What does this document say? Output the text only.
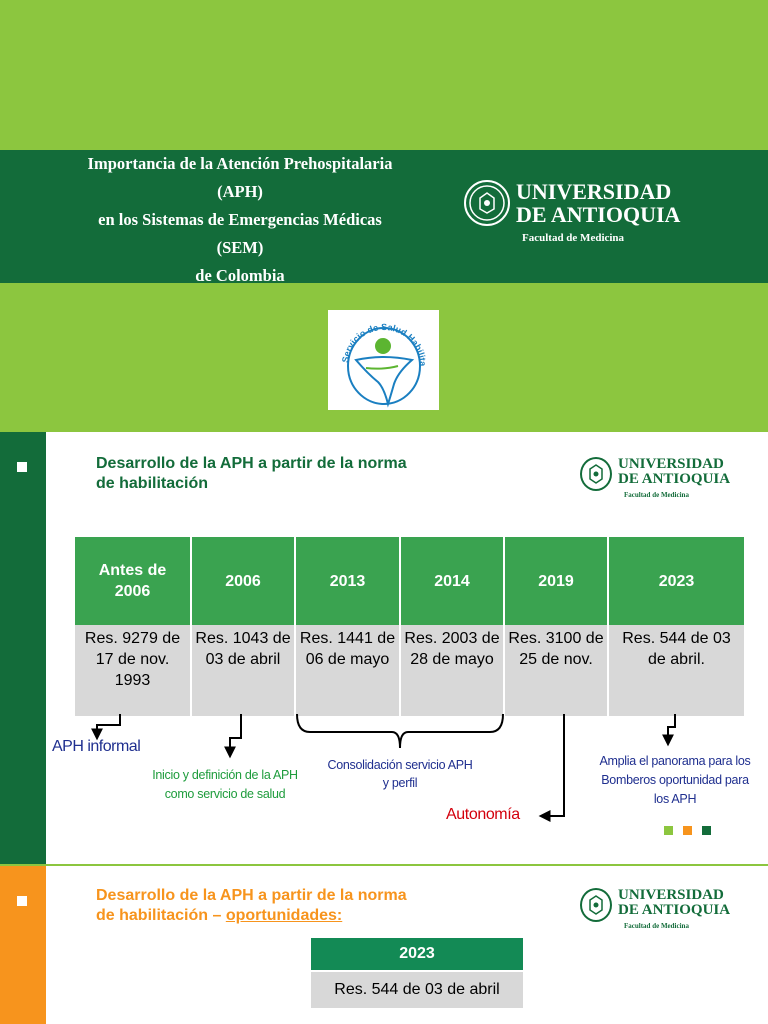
Importancia de la Atención Prehospitalaria
(APH)
en los Sistemas de Emergencias Médicas
(SEM)
de Colombia
UNIVERSIDAD
DE ANTIOQUIA
Facultad de Medicina
Servicio de Salud Habilita
Desarrollo de la APH a partir de la norma
de habilitación
UNIVERSIDAD
DE ANTIOQUIA
Facultad de Medicina
Antes de 2006	2006	2013	2014	2019	2023
Res. 9279 de 17 de nov. 1993	Res. 1043 de 03 de abril	Res. 1441 de 06 de mayo	Res. 2003 de 28 de mayo	Res. 3100 de 25 de nov.	Res. 544 de 03 de abril.
APH informal
Inicio y definición de la APH como servicio de salud
Consolidación servicio APH y perfil
Autonomía
Amplia el panorama para los Bomberos oportunidad para los APH
Desarrollo de la APH a partir de la norma
de habilitación – oportunidades:
UNIVERSIDAD
DE ANTIOQUIA
Facultad de Medicina
2023
Res. 544 de 03 de abril
